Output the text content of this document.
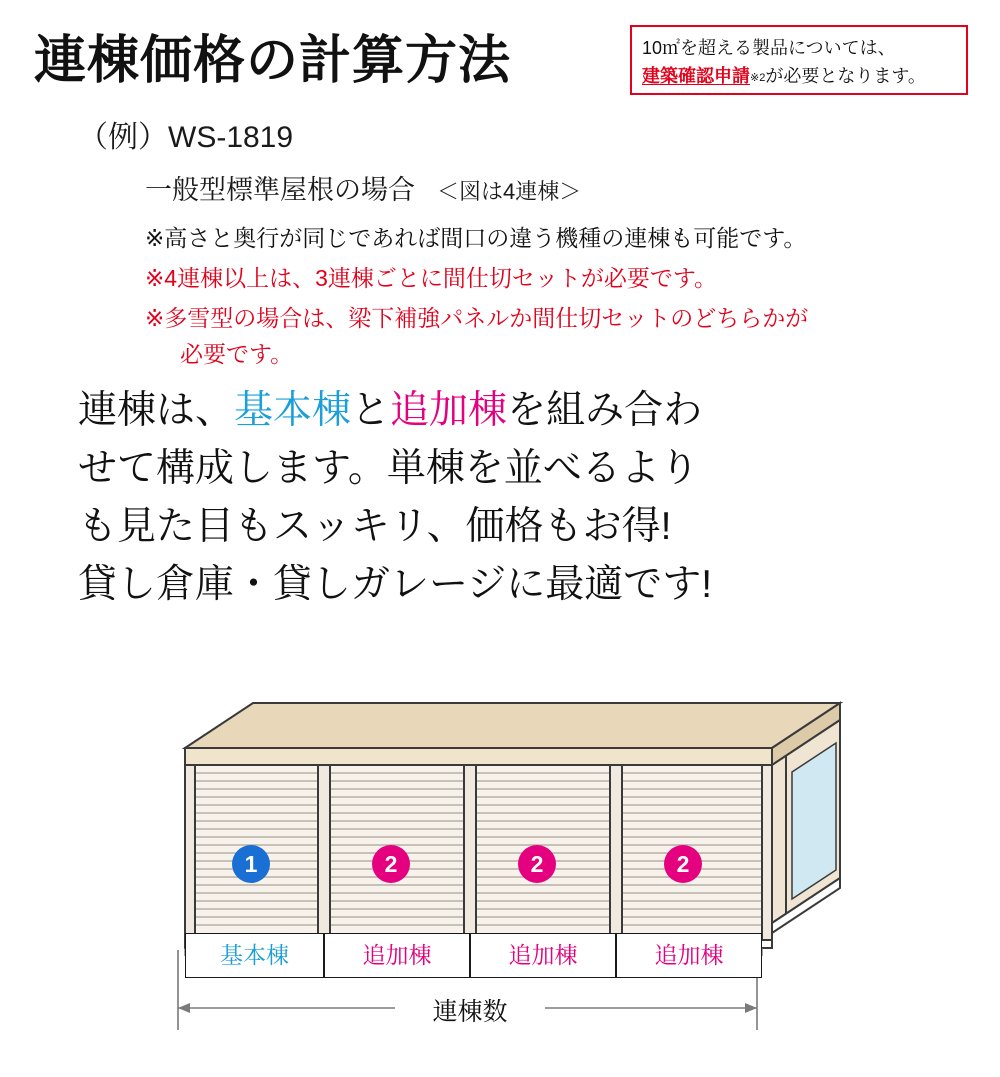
連棟価格の計算方法	10㎡を超える製品については、
建築確認申請$^{※2}$が必要となります。
（例）WS-1819
一般型標準屋根の場合 ＜図は4連棟＞
※高さと奥行が同じであれば間口の違う機種の連棟も可能です。
※4連棟以上は、3連棟ごとに間仕切セットが必要です。
※多雪型の場合は、梁下補強パネルか間仕切セットのどちらかが
必要です。
連棟は、基本棟と追加棟を組み合わ
せて構成します。単棟を並べるより
も見た目もスッキリ、価格もお得!
貸し倉庫・貸しガレージに最適です!
1	2	2	2
基本棟	追加棟	追加棟	追加棟
連棟数
